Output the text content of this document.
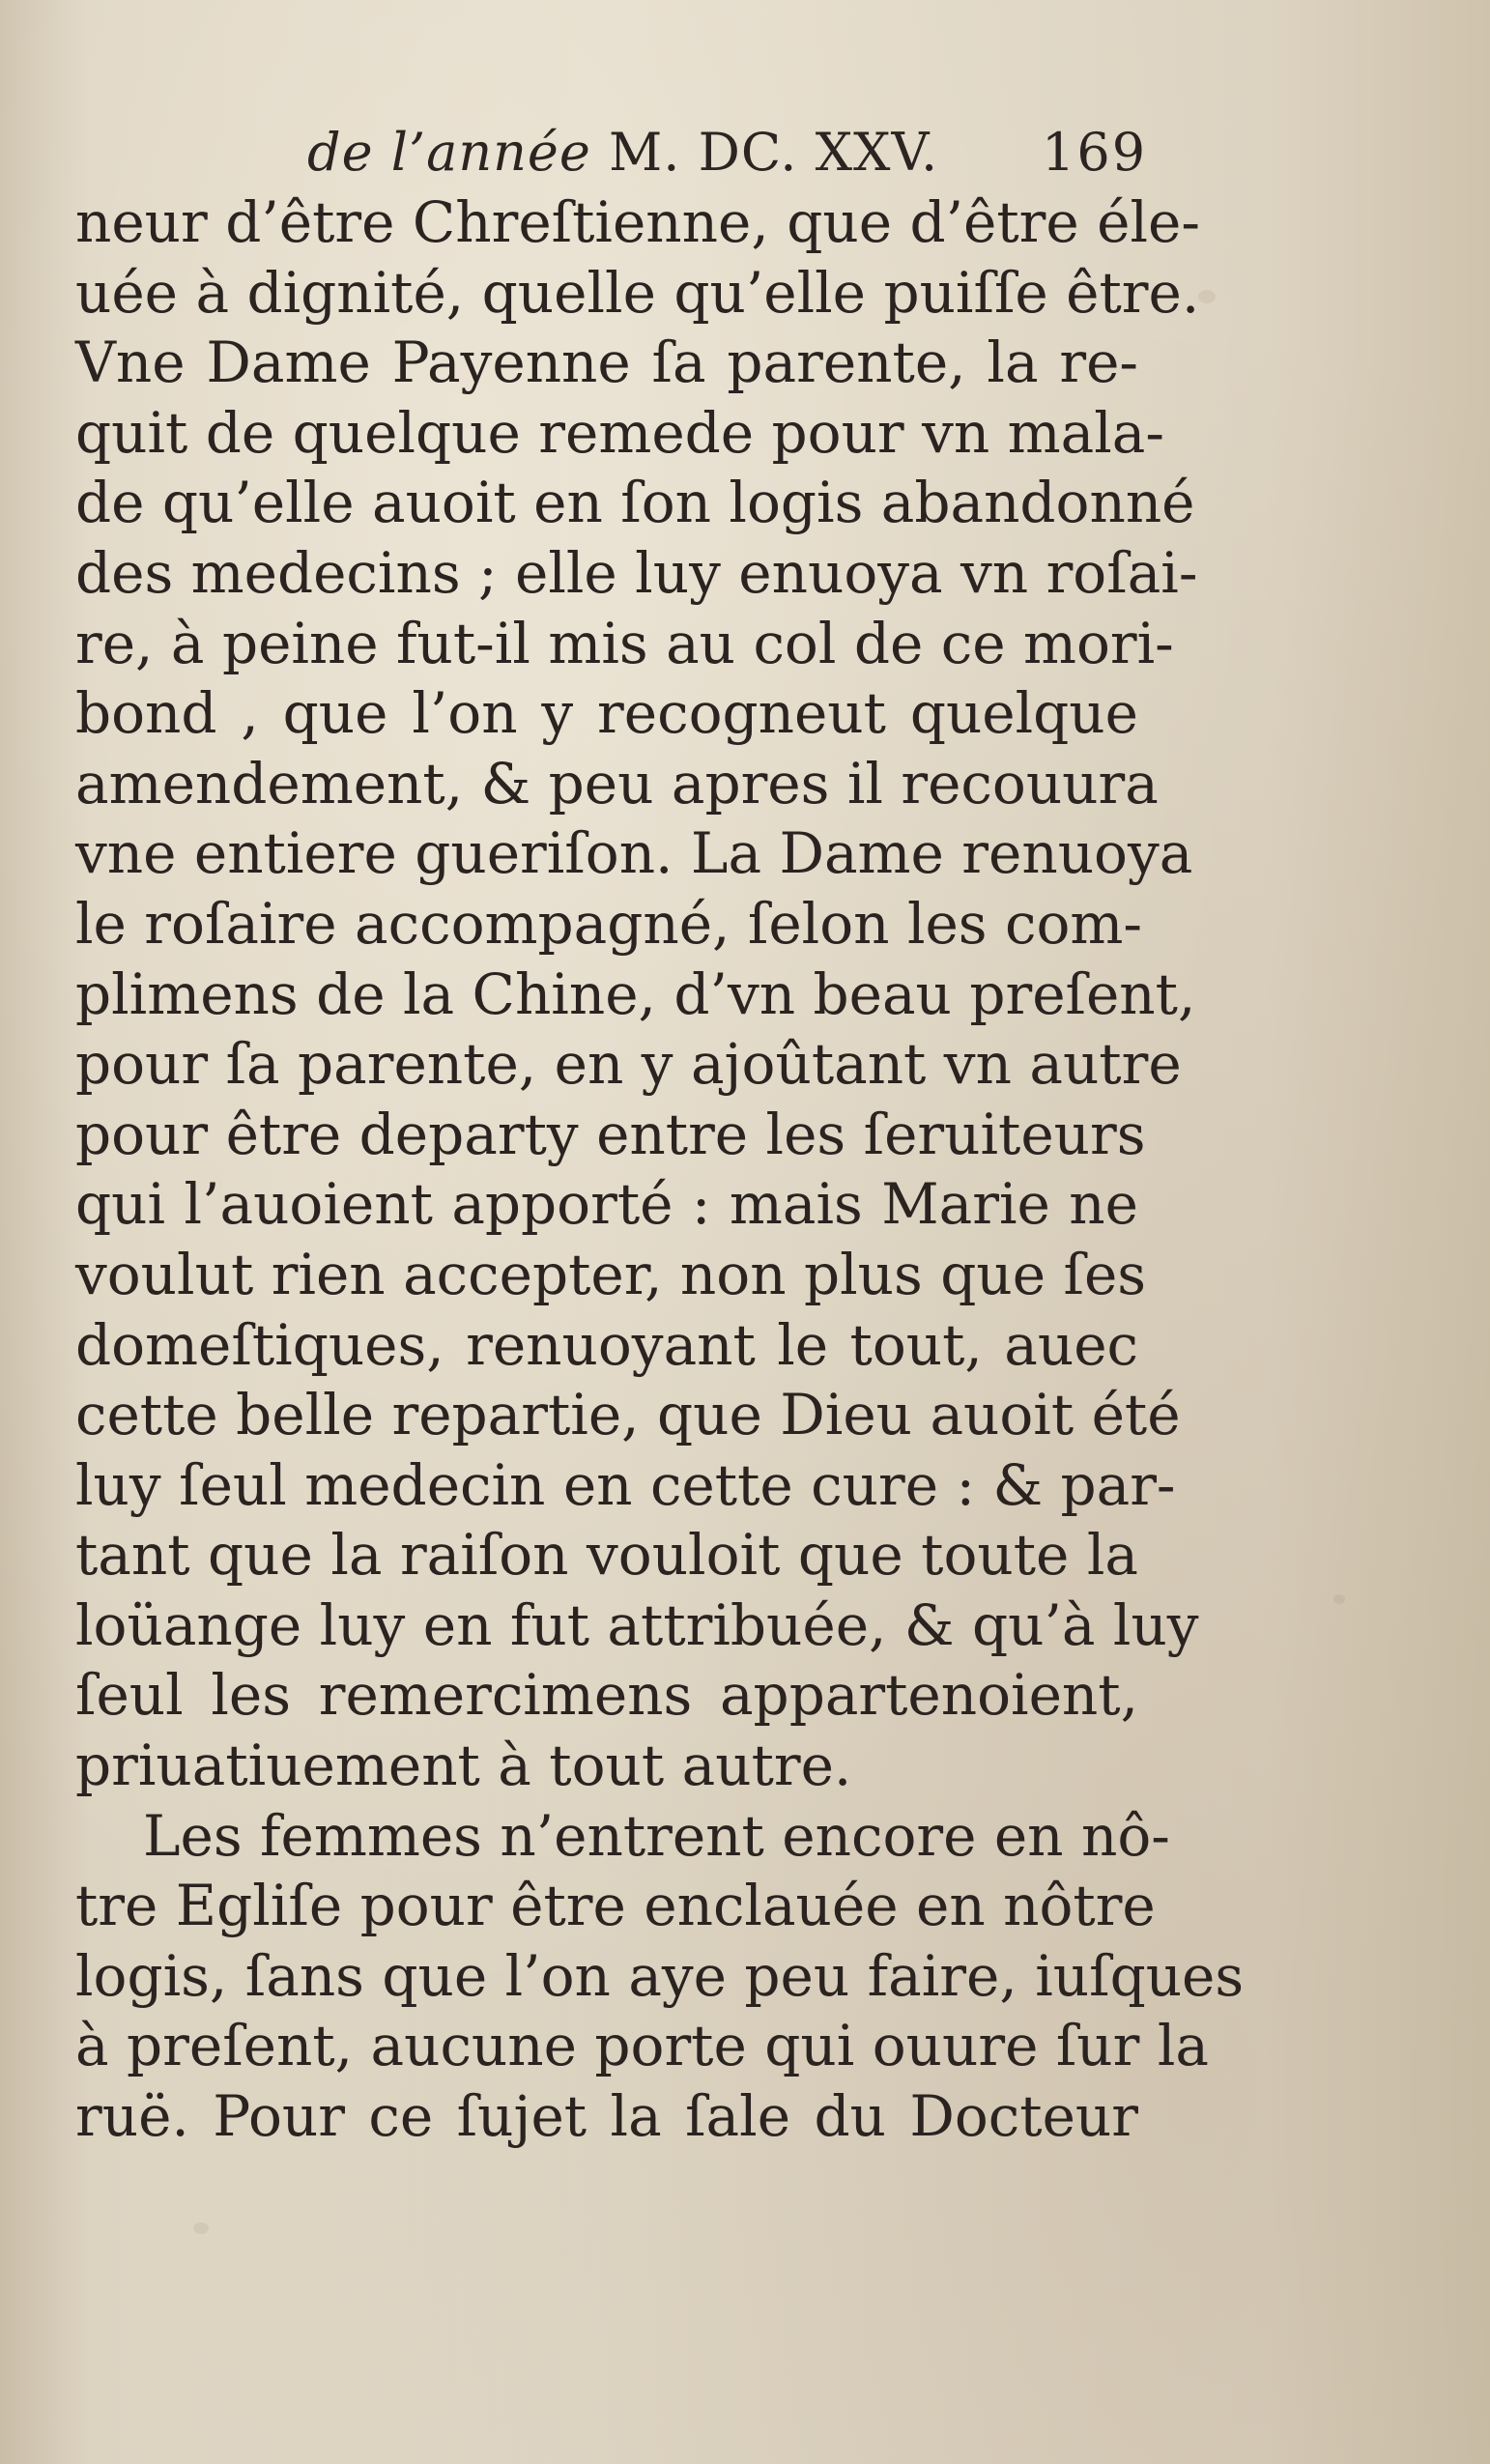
de l’année M. DC. XXV. 169
neur d’être Chreſtienne, que d’être éle-
uée à dignité, quelle qu’elle puiſſe être.
Vne Dame Payenne ſa parente, la re-
quit de quelque remede pour vn mala-
de qu’elle auoit en ſon logis abandonné
des medecins ; elle luy enuoya vn roſai-
re, à peine fut-il mis au col de ce mori-
bond , que l’on y recogneut quelque
amendement, & peu apres il recouura
vne entiere gueriſon. La Dame renuoya
le roſaire accompagné, ſelon les com-
plimens de la Chine, d’vn beau preſent,
pour ſa parente, en y ajoûtant vn autre
pour être departy entre les ſeruiteurs
qui l’auoient apporté : mais Marie ne
voulut rien accepter, non plus que ſes
domeſtiques, renuoyant le tout, auec
cette belle repartie, que Dieu auoit été
luy ſeul medecin en cette cure : & par-
tant que la raiſon vouloit que toute la
loüange luy en fut attribuée, & qu’à luy
ſeul les remercimens appartenoient,
priuatiuement à tout autre.
Les femmes n’entrent encore en nô-
tre Egliſe pour être enclauée en nôtre
logis, ſans que l’on aye peu faire, iuſques
à preſent, aucune porte qui ouure ſur la
ruë. Pour ce ſujet la ſale du Docteur
